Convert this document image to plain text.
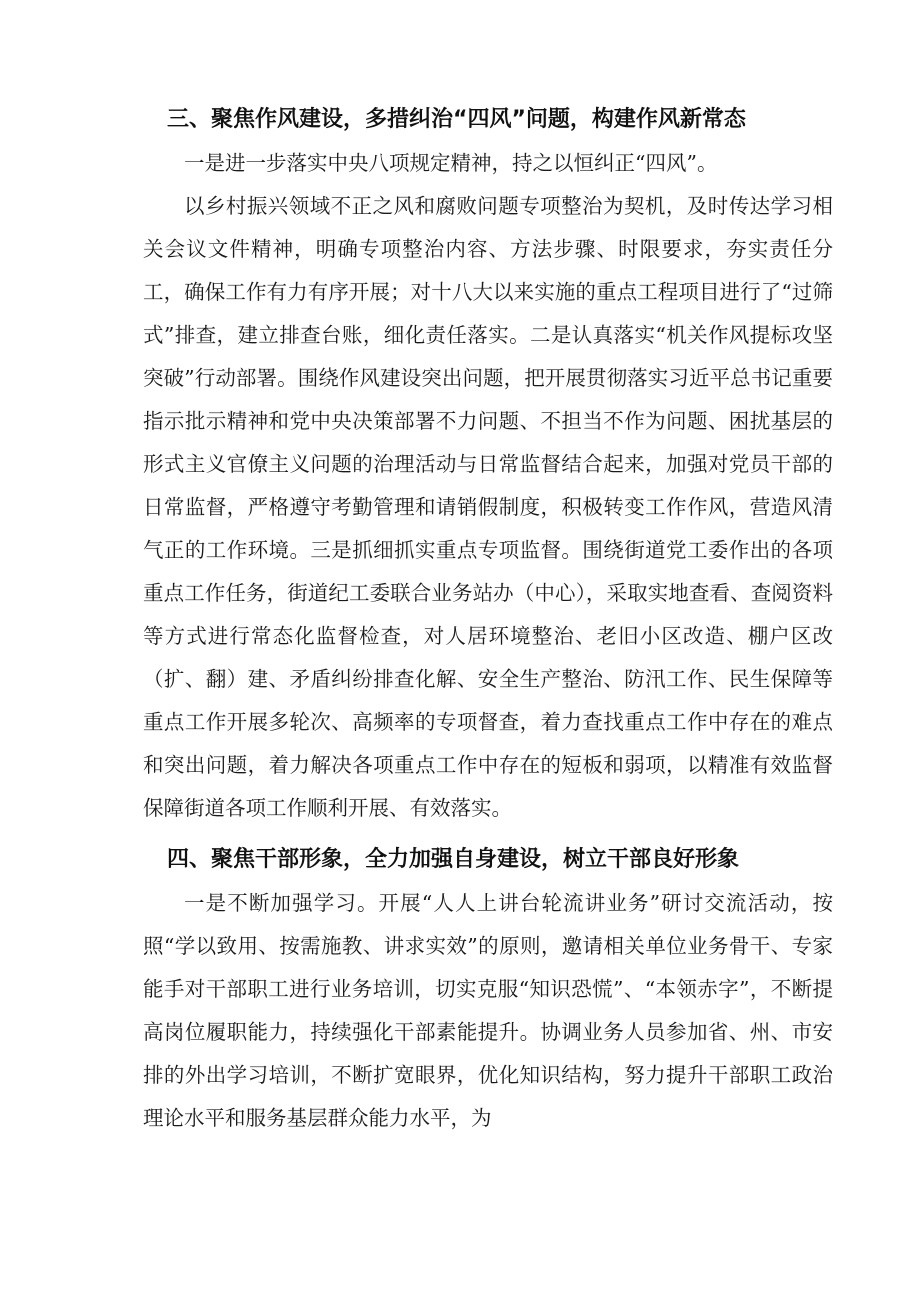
三、聚焦作风建设，多措纠治“四风”问题，构建作风新常态

一是进一步落实中央八项规定精神，持之以恒纠正“四风”。

以乡村振兴领域不正之风和腐败问题专项整治为契机，及时传达学习相关会议文件精神，明确专项整治内容、方法步骤、时限要求，夯实责任分工，确保工作有力有序开展；对十八大以来实施的重点工程项目进行了“过筛式”排查，建立排查台账，细化责任落实。二是认真落实“机关作风提标攻坚突破”行动部署。围绕作风建设突出问题，把开展贯彻落实习近平总书记重要指示批示精神和党中央决策部署不力问题、不担当不作为问题、困扰基层的形式主义官僚主义问题的治理活动与日常监督结合起来，加强对党员干部的日常监督，严格遵守考勤管理和请销假制度，积极转变工作作风，营造风清气正的工作环境。三是抓细抓实重点专项监督。围绕街道党工委作出的各项重点工作任务，街道纪工委联合业务站办（中心），采取实地查看、查阅资料等方式进行常态化监督检查，对人居环境整治、老旧小区改造、棚户区改（扩、翻）建、矛盾纠纷排查化解、安全生产整治、防汛工作、民生保障等重点工作开展多轮次、高频率的专项督查，着力查找重点工作中存在的难点和突出问题，着力解决各项重点工作中存在的短板和弱项，以精准有效监督保障街道各项工作顺利开展、有效落实。

四、聚焦干部形象，全力加强自身建设，树立干部良好形象

一是不断加强学习。开展“人人上讲台轮流讲业务”研讨交流活动，按照“学以致用、按需施教、讲求实效”的原则，邀请相关单位业务骨干、专家能手对干部职工进行业务培训，切实克服“知识恐慌”、“本领赤字”，不断提高岗位履职能力，持续强化干部素能提升。协调业务人员参加省、州、市安排的外出学习培训，不断扩宽眼界，优化知识结构，努力提升干部职工政治理论水平和服务基层群众能力水平，为
